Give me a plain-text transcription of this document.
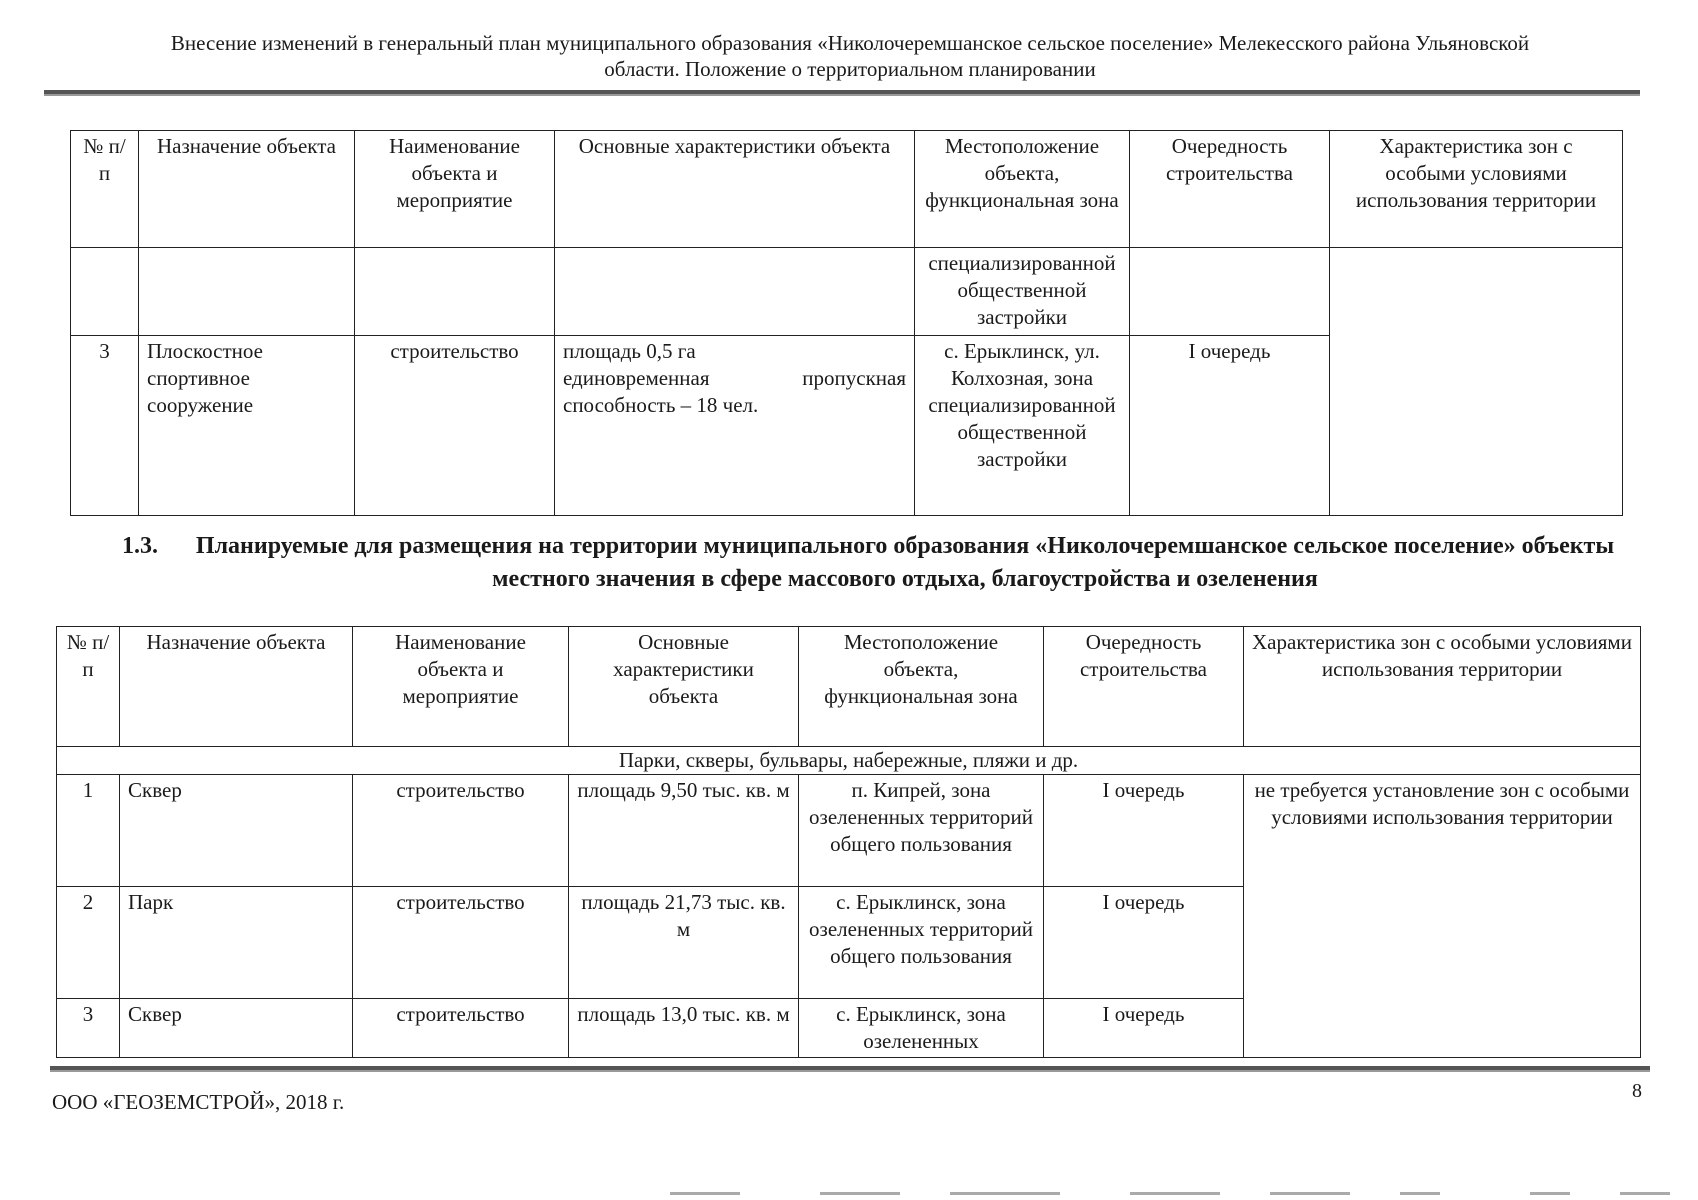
Внесение изменений в генеральный план муниципального образования «Николочеремшанское сельское поселение» Мелекесского района Ульяновской
области. Положение о территориальном планировании
№ п/п	Назначение объекта	Наименование объекта и мероприятие	Основные характеристики объекта	Местоположение объекта, функциональная зона	Очередность строительства	Характеристика зон с особыми условиями использования территории
				специализированной общественной застройки		
3	Плоскостное спортивное сооружение	строительство	площадь 0,5 га
единовременная пропускная
способность – 18 чел.	с. Ерыклинск, ул. Колхозная, зона специализированной общественной застройки	I очередь	
1.3.	Планируемые для размещения на территории муниципального образования «Николочеремшанское сельское поселение» объекты местного значения в сфере массового отдыха, благоустройства и озеленения
№ п/п	Назначение объекта	Наименование объекта и мероприятие	Основные характеристики объекта	Местоположение объекта, функциональная зона	Очередность строительства	Характеристика зон с особыми условиями использования территории
Парки, скверы, бульвары, набережные, пляжи и др.						
1	Сквер	строительство	площадь 9,50 тыс. кв. м	п. Кипрей, зона озелененных территорий общего пользования	I очередь	не требуется установление зон с особыми условиями использования территории
2	Парк	строительство	площадь 21,73 тыс. кв. м	с. Ерыклинск, зона озелененных территорий общего пользования	I очередь	
3	Сквер	строительство	площадь 13,0 тыс. кв. м	с. Ерыклинск, зона озелененных	I очередь	
ООО «ГЕОЗЕМСТРОЙ», 2018 г.	8
